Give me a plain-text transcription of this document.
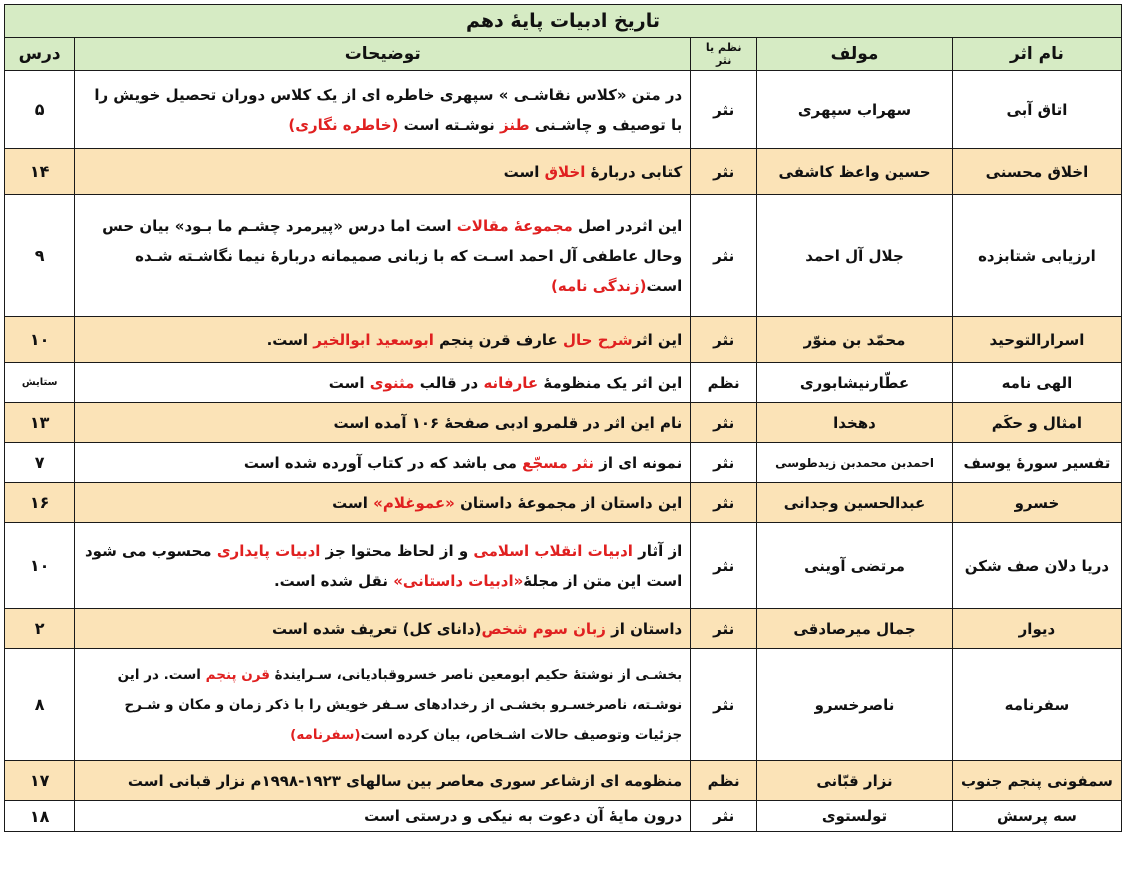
تاریخ ادبیات پایۀ دهم				
نام اثر	مولف	نظم یا نثر	توضیحات	درس
اتاق آبی	سهراب سپهری	نثر	در متن «کلاس نقاشـی » سپهری خاطره ای از یک کلاس دوران تحصیل خویش را با توصیف و چاشـنی طنز نوشـته است (خاطره نگاری)	۵
اخلاق محسنی	حسین واعظ کاشفی	نثر	کتابی دربارۀ اخلاق است	۱۴
ارزیابی شتابزده	جلال آل احمد	نثر	این اثردر اصل مجموعۀ مقالات است اما درس «پیرمرد چشـم ما بـود» بیان حس وحال عاطفی آل احمد اسـت که با زبانی صمیمانه دربارۀ نیما نگاشـته شـده است(زندگی نامه)	۹
اسرارالتوحید	محمّد بن منوّر	نثر	این اثرشرح حال عارف قرن پنجم ابوسعید ابوالخیر است.	۱۰
الهی نامه	عطّارنیشابوری	نظم	این اثر یک منظومۀ عارفانه در قالب مثنوی است	ستایش
امثال و حکَم	دهخدا	نثر	نام این اثر در قلمرو ادبی صفحۀ ۱۰۶ آمده است	۱۳
تفسیر سورۀ یوسف	احمدبن محمدبن زیدطوسی	نثر	نمونه ای از نثر مسجّع می باشد که در کتاب آورده شده است	۷
خسرو	عبدالحسین وجدانی	نثر	این داستان از مجموعۀ داستان «عموغلام» است	۱۶
دریا دلان صف شکن	مرتضی آوینی	نثر	از آثار ادبیات انقلاب اسلامی و از لحاظ محتوا جز ادبیات پایداری محسوب می شود است این متن از مجلۀ«ادبیات داستانی» نقل شده است.	۱۰
دیوار	جمال میرصادقی	نثر	داستان از زبان سوم شخص(دانای کل) تعریف شده است	۲
سفرنامه	ناصرخسرو	نثر	بخشـی از نوشتۀ حکیم ابومعین ناصر خسروقبادیانی، سـرایندۀ قرن پنجم است. در این نوشـته، ناصرخسـرو بخشـی از رخدادهای سـفر خویش را با ذکر زمان و مکان و شـرح جزئیات وتوصیف حالات اشـخاص، بیان کرده است(سفرنامه)	۸
سمفونی پنجم جنوب	نزار قبّانی	نظم	منظومه ای ازشاعر سوری معاصر بین سالهای ۱۹۲۳-۱۹۹۸م نزار قبانی است	۱۷
سه پرسش	تولستوی	نثر	درون مایۀ آن دعوت به نیکی و درستی است	۱۸
